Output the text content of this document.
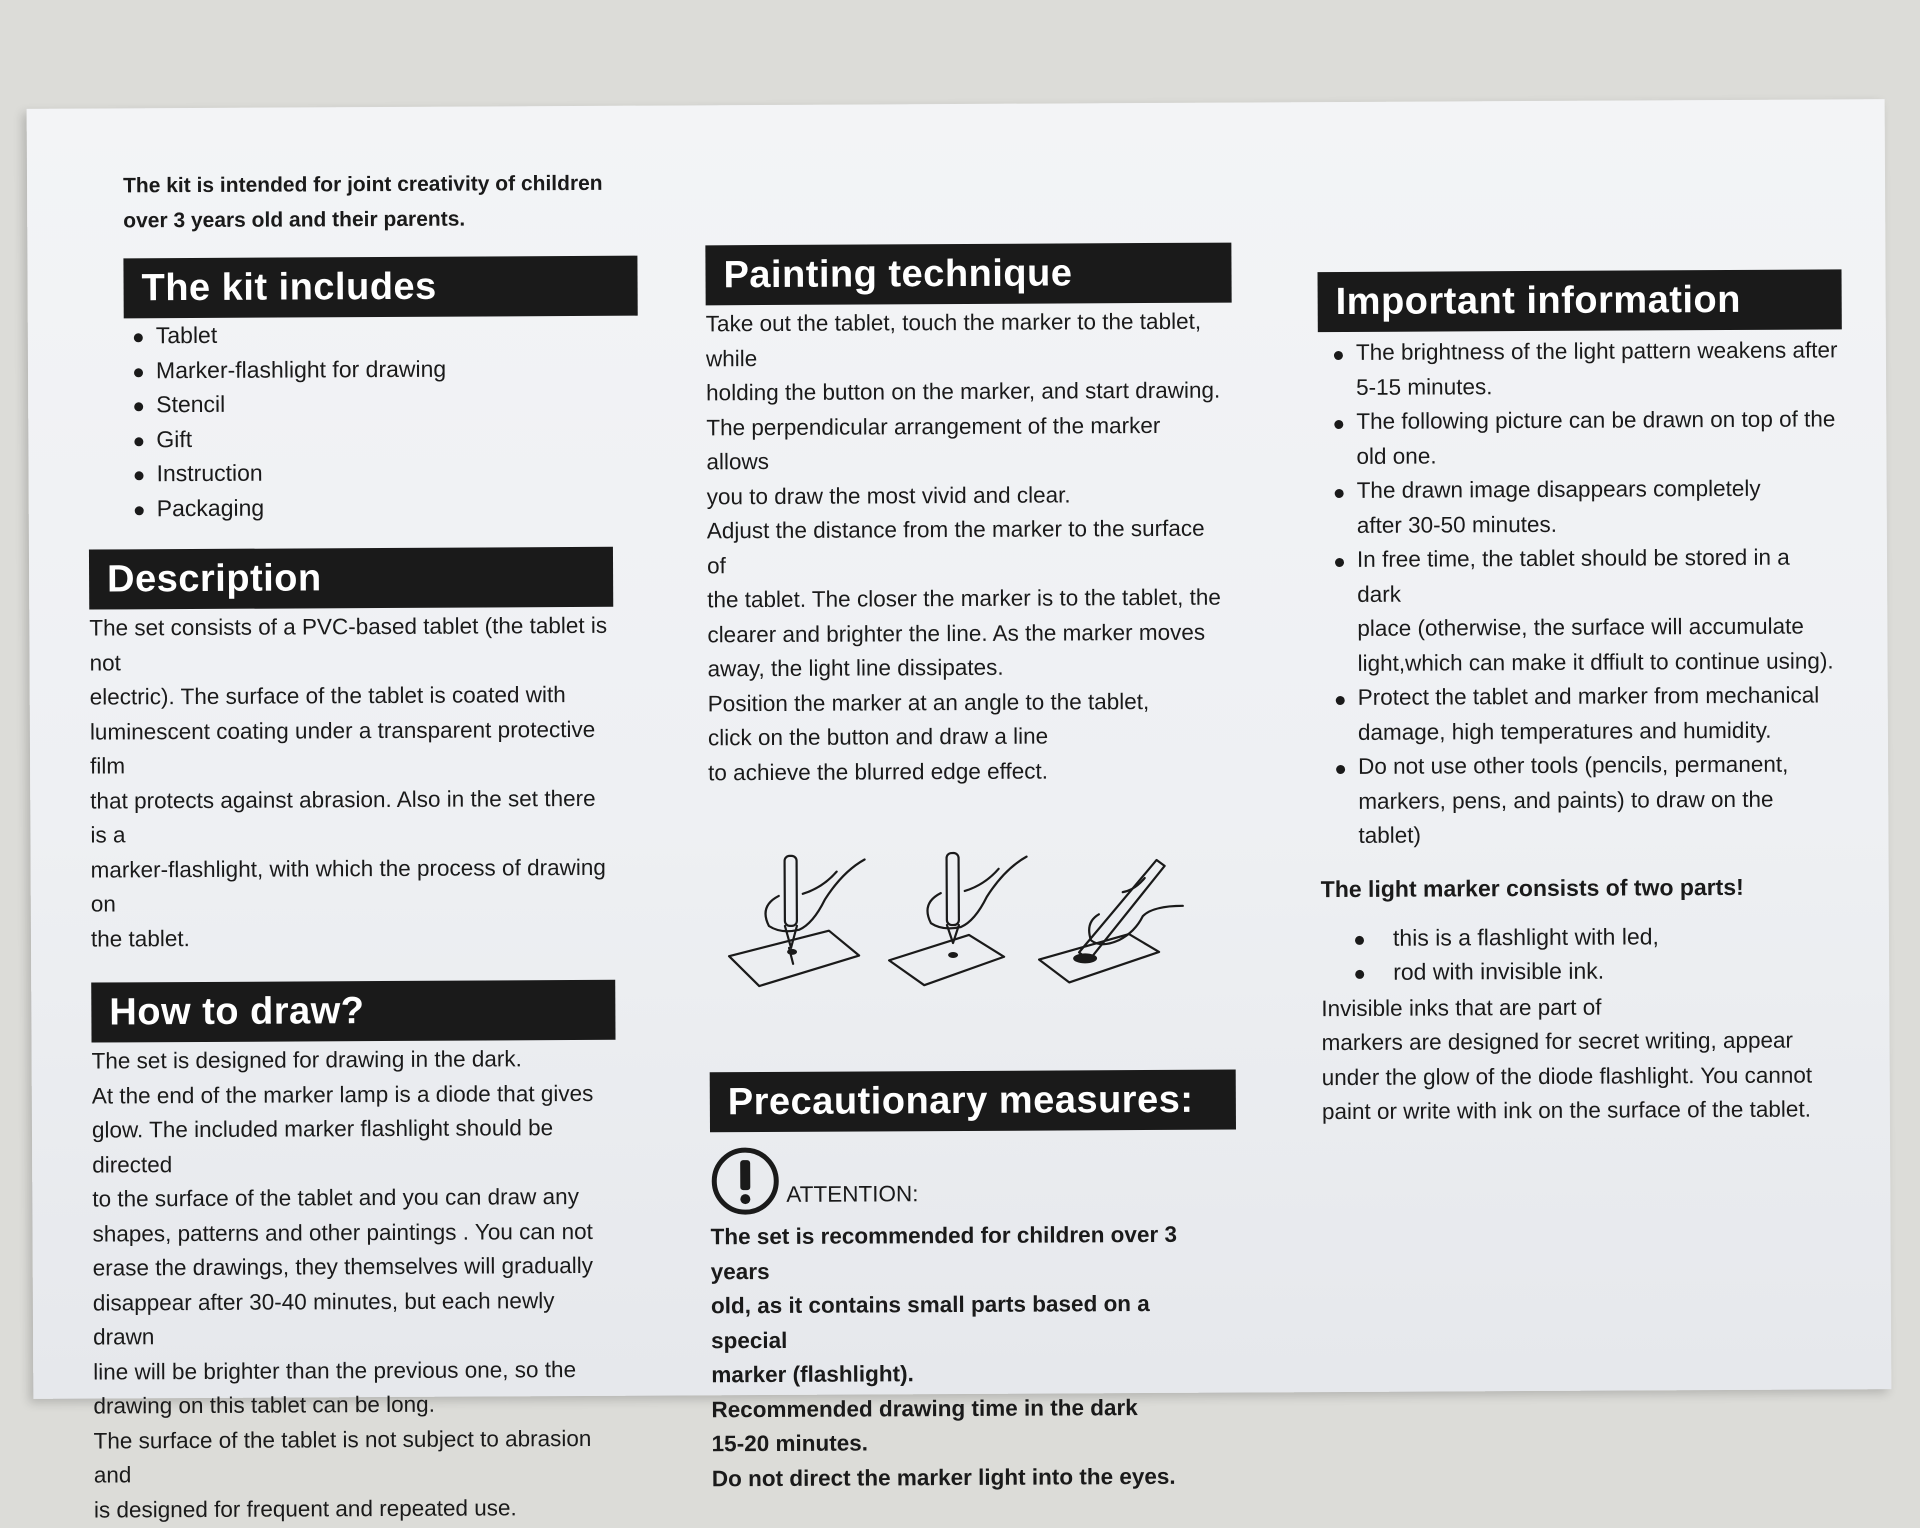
The kit is intended for joint creativity of children
over 3 years old and their parents.
The kit includes
Tablet
Marker-flashlight for drawing
Stencil
Gift
Instruction
Packaging
Description

The set consists of a PVC-based tablet (the tablet is not

electric). The surface of the tablet is coated with

luminescent coating under a transparent protective film

that protects against abrasion. Also in the set there is a

marker-flashlight, with which the process of drawing on

the tablet.

How to draw?

The set is designed for drawing in the dark.

At the end of the marker lamp is a diode that gives

glow. The included marker flashlight should be directed

to the surface of the tablet and you can draw any

shapes, patterns and other paintings . You can not

erase the drawings, they themselves will gradually

disappear after 30-40 minutes, but each newly drawn

line will be brighter than the previous one, so the

drawing on this tablet can be long.

The surface of the tablet is not subject to abrasion and

is designed for frequent and repeated use.

Painting technique

Take out the tablet, touch the marker to the tablet, while

holding the button on the marker, and start drawing.

The perpendicular arrangement of the marker allows

you to draw the most vivid and clear.

Adjust the distance from the marker to the surface of

the tablet. The closer the marker is to the tablet, the

clearer and brighter the line. As the marker moves

away, the light line dissipates.

Position the marker at an angle to the tablet,

click on the button and draw a line

to achieve the blurred edge effect.

Precautionary measures:
ATTENTION:

The set is recommended for children over 3 years

old, as it contains small parts based on a special

marker (flashlight).

Recommended drawing time in the dark

15-20 minutes.

Do not direct the marker light into the eyes.

Important information
The brightness of the light pattern weakens after
5-15 minutes.
The following picture can be drawn on top of the
old one.
The drawn image disappears completely
after 30-50 minutes.
In free time, the tablet should be stored in a dark
place (otherwise, the surface will accumulate
light,which can make it dffiult to continue using).
Protect the tablet and marker from mechanical
damage, high temperatures and humidity.
Do not use other tools (pencils, permanent,
markers, pens, and paints) to draw on the tablet)
The light marker consists of two parts!
this is a flashlight with led,
rod with invisible ink.

Invisible inks that are part of

markers are designed for secret writing, appear

under the glow of the diode flashlight. You cannot

paint or write with ink on the surface of the tablet.
